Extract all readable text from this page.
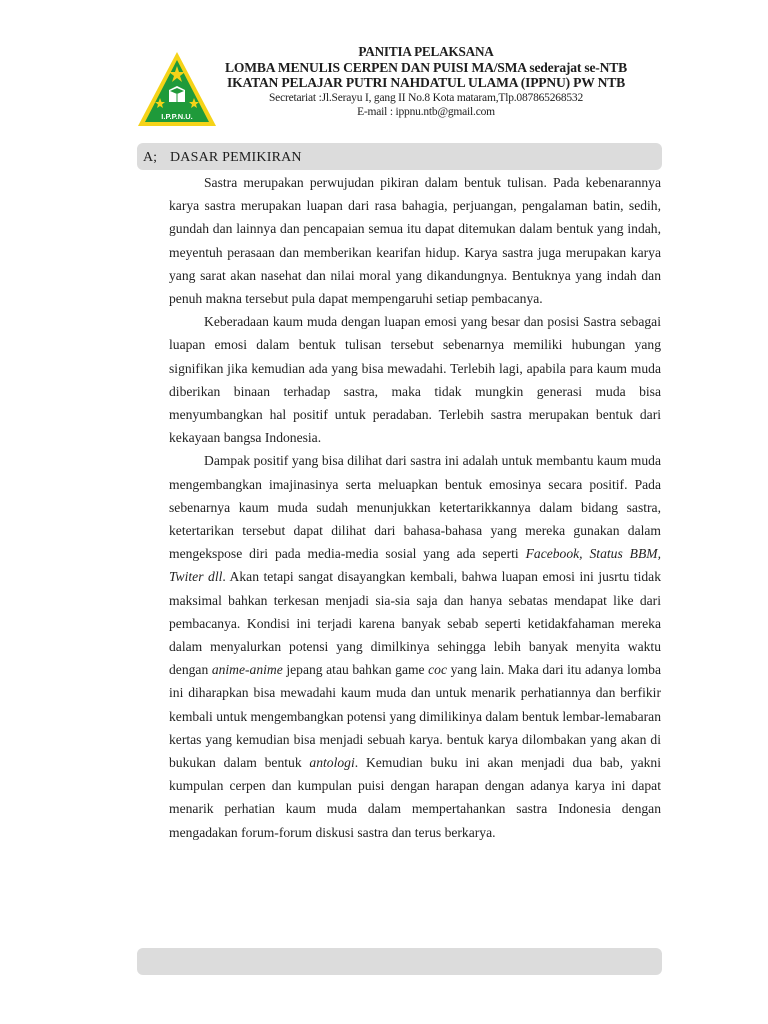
I.P.P.N.U.
PANITIA PELAKSANA
LOMBA MENULIS CERPEN DAN PUISI MA/SMA sederajat se-NTB
IKATAN PELAJAR PUTRI NAHDATUL ULAMA (IPPNU) PW NTB
Secretariat :Jl.Serayu I, gang II No.8 Kota mataram,Tlp.087865268532
E-mail : ippnu.ntb@gmail.com
A; DASAR PEMIKIRAN

Sastra merupakan perwujudan pikiran dalam bentuk tulisan. Pada kebenarannya karya sastra merupakan luapan dari rasa bahagia, perjuangan, pengalaman batin, sedih, gundah dan lainnya dan pencapaian semua itu dapat ditemukan dalam bentuk yang indah, meyentuh perasaan dan memberikan kearifan hidup. Karya sastra juga merupakan karya yang sarat akan nasehat dan nilai moral yang dikandungnya. Bentuknya yang indah dan penuh makna tersebut pula dapat mempengaruhi setiap pembacanya.

Keberadaan kaum muda dengan luapan emosi yang besar dan posisi Sastra sebagai luapan emosi dalam bentuk tulisan tersebut sebenarnya memiliki hubungan yang signifikan jika kemudian ada yang bisa mewadahi. Terlebih lagi, apabila para kaum muda diberikan binaan terhadap sastra, maka tidak mungkin generasi muda bisa menyumbangkan hal positif untuk peradaban. Terlebih sastra merupakan bentuk dari kekayaan bangsa Indonesia.

Dampak positif yang bisa dilihat dari sastra ini adalah untuk membantu kaum muda mengembangkan imajinasinya serta meluapkan bentuk emosinya secara positif. Pada sebenarnya kaum muda sudah menunjukkan ketertarikkannya dalam bidang sastra, ketertarikan tersebut dapat dilihat dari bahasa-bahasa yang mereka gunakan dalam mengekspose diri pada media-media sosial yang ada seperti Facebook, Status BBM, Twiter dll. Akan tetapi sangat disayangkan kembali, bahwa luapan emosi ini jusrtu tidak maksimal bahkan terkesan menjadi sia-sia saja dan hanya sebatas mendapat like dari pembacanya. Kondisi ini terjadi karena banyak sebab seperti ketidakfahaman mereka dalam menyalurkan potensi yang dimilkinya sehingga lebih banyak menyita waktu dengan anime-anime jepang atau bahkan game coc yang lain. Maka dari itu adanya lomba ini diharapkan bisa mewadahi kaum muda dan untuk menarik perhatiannya dan berfikir kembali untuk mengembangkan potensi yang dimilikinya dalam bentuk lembar-lemabaran kertas yang kemudian bisa menjadi sebuah karya. bentuk karya dilombakan yang akan di bukukan dalam bentuk antologi. Kemudian buku ini akan menjadi dua bab, yakni kumpulan cerpen dan kumpulan puisi dengan harapan dengan adanya karya ini dapat menarik perhatian kaum muda dalam mempertahankan sastra Indonesia dengan mengadakan forum-forum diskusi sastra dan terus berkarya.
